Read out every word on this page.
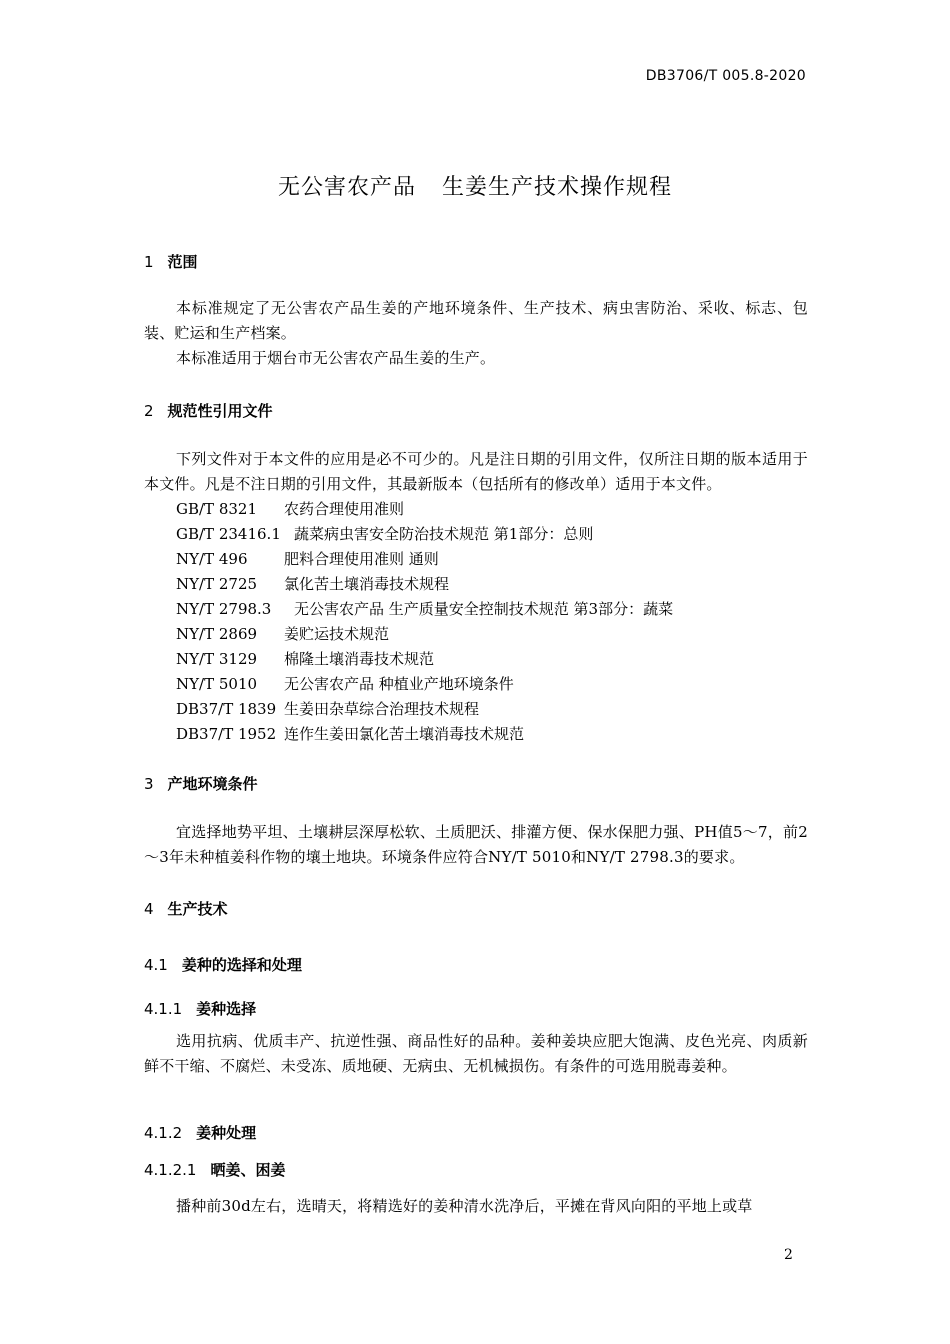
DB3706/T 005.8-2020
无公害农产品 生姜生产技术操作规程
1 范围
本标准规定了无公害农产品生姜的产地环境条件、生产技术、病虫害防治、采收、标志、包装、贮运和生产档案。
本标准适用于烟台市无公害农产品生姜的生产。
2 规范性引用文件
下列文件对于本文件的应用是必不可少的。凡是注日期的引用文件，仅所注日期的版本适用于本文件。凡是不注日期的引用文件，其最新版本（包括所有的修改单）适用于本文件。
GB/T 8321 农药合理使用准则
GB/T 23416.1 蔬菜病虫害安全防治技术规范 第1部分：总则
NY/T 496 肥料合理使用准则 通则
NY/T 2725 氯化苦土壤消毒技术规程
NY/T 2798.3 无公害农产品 生产质量安全控制技术规范 第3部分：蔬菜
NY/T 2869 姜贮运技术规范
NY/T 3129 棉隆土壤消毒技术规范
NY/T 5010 无公害农产品 种植业产地环境条件
DB37/T 1839 生姜田杂草综合治理技术规程
DB37/T 1952 连作生姜田氯化苦土壤消毒技术规范
3 产地环境条件
宜选择地势平坦、土壤耕层深厚松软、土质肥沃、排灌方便、保水保肥力强、PH值5～7，前2～3年未种植姜科作物的壤土地块。环境条件应符合NY/T 5010和NY/T 2798.3的要求。
4 生产技术
4.1 姜种的选择和处理
4.1.1 姜种选择
选用抗病、优质丰产、抗逆性强、商品性好的品种。姜种姜块应肥大饱满、皮色光亮、肉质新鲜不干缩、不腐烂、未受冻、质地硬、无病虫、无机械损伤。有条件的可选用脱毒姜种。
4.1.2 姜种处理
4.1.2.1 晒姜、困姜
播种前30d左右，选晴天，将精选好的姜种清水洗净后，平摊在背风向阳的平地上或草
2
